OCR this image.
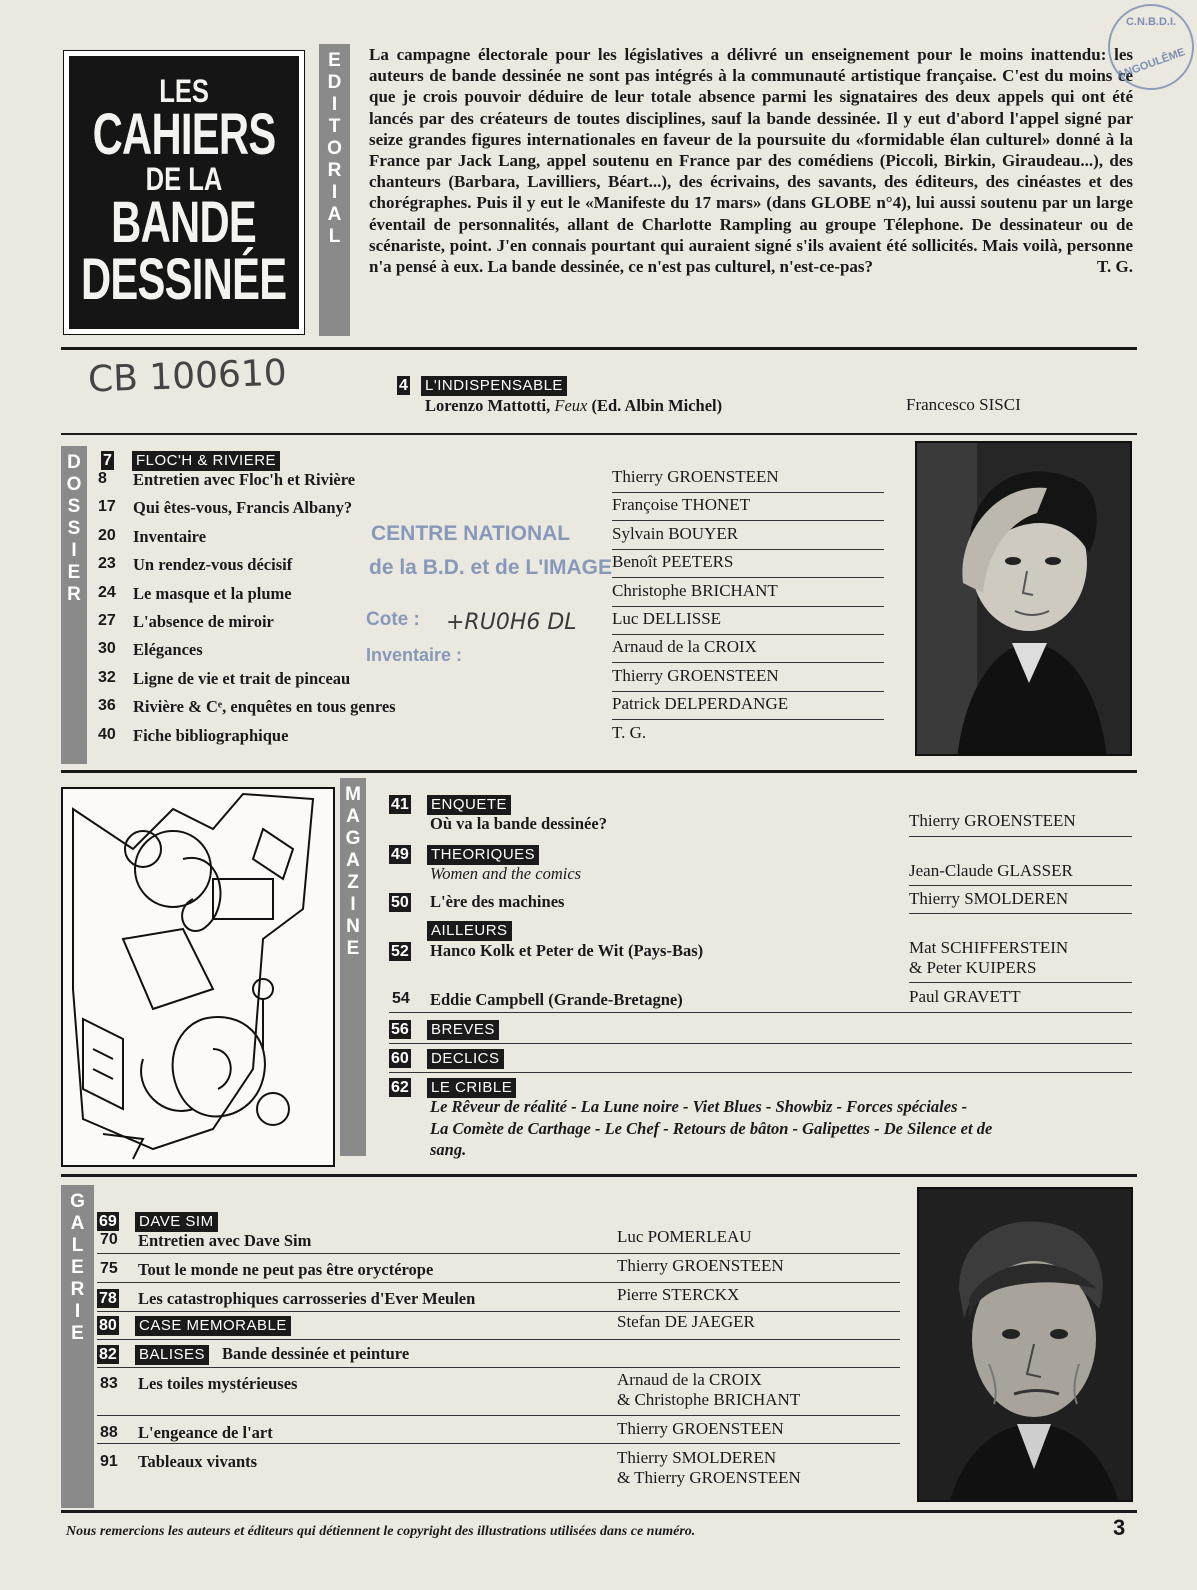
LES
CAHIERS
DE LA
BANDE
DESSINÉE
E
D
I
T
O
R
I
A
L
La campagne électorale pour les législatives a délivré un enseignement pour le moins inattendu: les auteurs de bande dessinée ne sont pas intégrés à la communauté artistique française. C'est du moins ce que je crois pouvoir déduire de leur totale absence parmi les signataires des deux appels qui ont été lancés par des créateurs de toutes disciplines, sauf la bande dessinée. Il y eut d'abord l'appel signé par seize grandes figures internationales en faveur de la poursuite du «formidable élan culturel» donné à la France par Jack Lang, appel soutenu en France par des comédiens (Piccoli, Birkin, Giraudeau...), des chanteurs (Barbara, Lavilliers, Béart...), des écrivains, des savants, des éditeurs, des cinéastes et des chorégraphes. Puis il y eut le «Manifeste du 17 mars» (dans GLOBE n°4), lui aussi soutenu par un large éventail de personnalités, allant de Charlotte Rampling au groupe Télephone. De dessinateur ou de scénariste, point. J'en connais pourtant qui auraient signé s'ils avaient été sollicités. Mais voilà, personne n'a pensé à eux. La bande dessinée, ce n'est pas culturel, n'est-ce-pas?	T. G.
C.N.B.D.I.
ANGOULÊME
CB 100610	4 L'INDISPENSABLE
Lorenzo Mattotti, Feux (Ed. Albin Michel)	Francesco SISCI
D
O
S
S
I
E
R
7 FLOC'H & RIVIERE
8 Entretien avec Floc'h et Rivière	Thierry GROENSTEEN
17 Qui êtes-vous, Francis Albany?	Françoise THONET
20 Inventaire	Sylvain BOUYER
23 Un rendez-vous décisif	Benoît PEETERS
24 Le masque et la plume	Christophe BRICHANT
27 L'absence de miroir	Luc DELLISSE
30 Elégances	Arnaud de la CROIX
32 Ligne de vie et trait de pinceau	Thierry GROENSTEEN
36 Rivière & Cᵉ, enquêtes en tous genres	Patrick DELPERDANGE
40 Fiche bibliographique	T. G.
CENTRE NATIONAL
de la B.D. et de L'IMAGE
Cote : +RU0H6 DL
Inventaire :
M
A
G
A
Z
I
N
E
41 ENQUETE
Où va la bande dessinée?	Thierry GROENSTEEN
49 THEORIQUES
Women and the comics	Jean-Claude GLASSER
50 L'ère des machines	Thierry SMOLDEREN
AILLEURS
52 Hanco Kolk et Peter de Wit (Pays-Bas)	Mat SCHIFFERSTEIN
& Peter KUIPERS
54 Eddie Campbell (Grande-Bretagne)	Paul GRAVETT
56 BREVES
60 DECLICS
62 LE CRIBLE
Le Rêveur de réalité - La Lune noire - Viet Blues - Showbiz - Forces spéciales -
La Comète de Carthage - Le Chef - Retours de bâton - Galipettes - De Silence et de
sang.
G
A
L
E
R
I
E
69 DAVE SIM
70 Entretien avec Dave Sim	Luc POMERLEAU
75 Tout le monde ne peut pas être oryctérope	Thierry GROENSTEEN
78 Les catastrophiques carrosseries d'Ever Meulen	Pierre STERCKX
80 CASE MEMORABLE	Stefan DE JAEGER
82 BALISES Bande dessinée et peinture
83 Les toiles mystérieuses	Arnaud de la CROIX
& Christophe BRICHANT
88 L'engeance de l'art	Thierry GROENSTEEN
91 Tableaux vivants	Thierry SMOLDEREN
& Thierry GROENSTEEN
Nous remercions les auteurs et éditeurs qui détiennent le copyright des illustrations utilisées dans ce numéro.	3
